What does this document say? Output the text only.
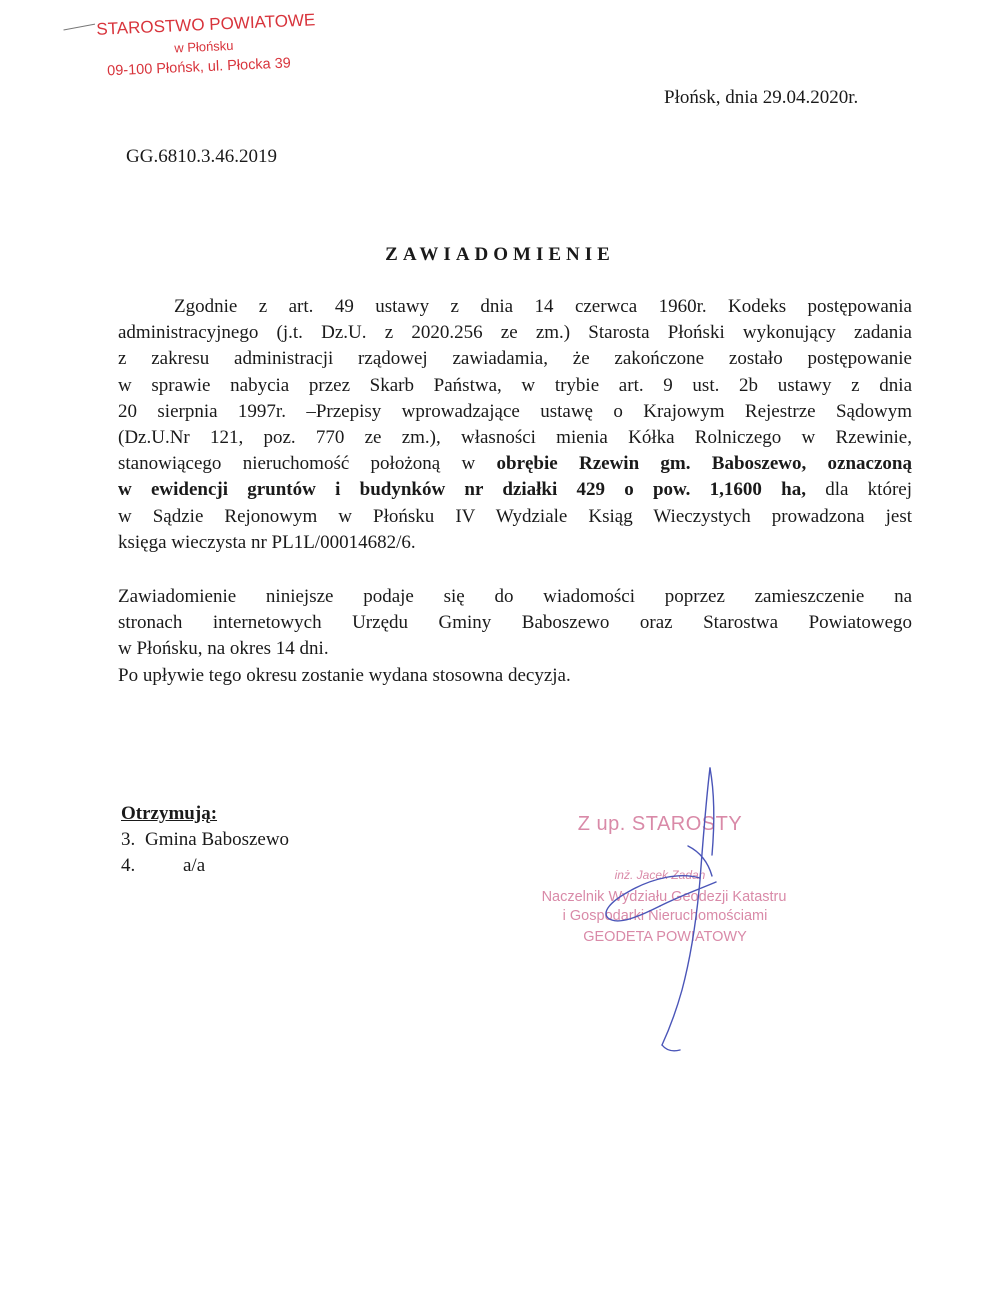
STAROSTWO POWIATOWE
w Płońsku
09-100 Płońsk, ul. Płocka 39
Płońsk, dnia 29.04.2020r.
GG.6810.3.46.2019
ZAWIADOMIENIE
Zgodnie z art. 49 ustawy z dnia 14 czerwca 1960r. Kodeks postępowania
administracyjnego (j.t. Dz.U. z 2020.256 ze zm.) Starosta Płoński wykonujący zadania
z zakresu administracji rządowej zawiadamia, że zakończone zostało postępowanie
w sprawie nabycia przez Skarb Państwa, w trybie art. 9 ust. 2b ustawy z dnia
20 sierpnia 1997r. –Przepisy wprowadzające ustawę o Krajowym Rejestrze Sądowym
(Dz.U.Nr 121, poz. 770 ze zm.), własności mienia Kółka Rolniczego w Rzewinie,
stanowiącego nieruchomość położoną w obrębie Rzewin gm. Baboszewo, oznaczoną
w ewidencji gruntów i budynków nr działki 429 o pow. 1,1600 ha, dla której
w Sądzie Rejonowym w Płońsku IV Wydziale Ksiąg Wieczystych prowadzona jest
księga wieczysta nr PL1L/00014682/6.
Zawiadomienie niniejsze podaje się do wiadomości poprzez zamieszczenie na
stronach internetowych Urzędu Gminy Baboszewo oraz Starostwa Powiatowego
w Płońsku, na okres 14 dni.
Po upływie tego okresu zostanie wydana stosowna decyzja.
Otrzymują:
3. Gmina Baboszewo
4.	a/a
Z up. STAROSTY
inż. Jacek Zadan
Naczelnik Wydziału Geodezji Katastru
i Gospodarki Nieruchomościami
GEODETA POWIATOWY
